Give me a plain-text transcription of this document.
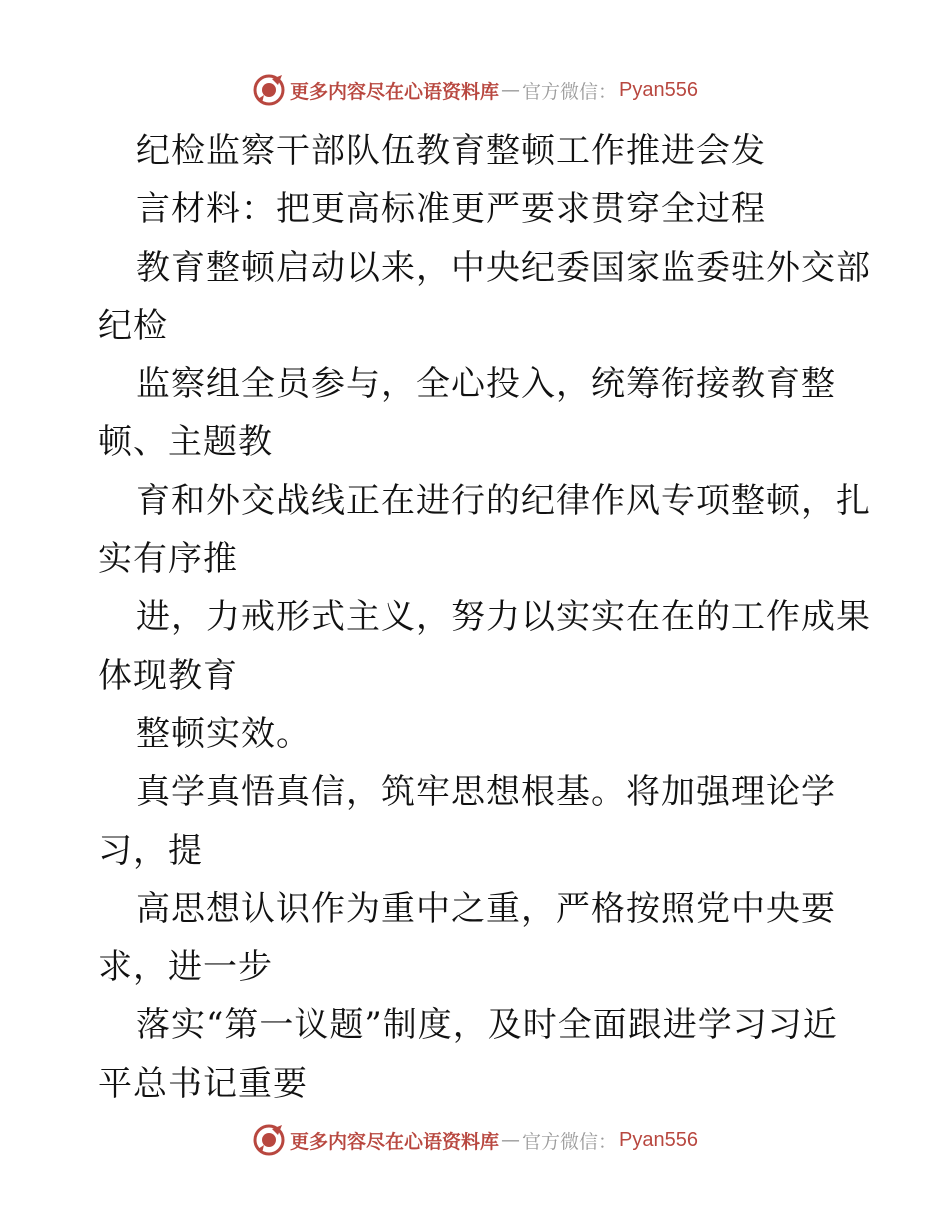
更多内容尽在心语资料库 — 官方微信： Pyan556
纪检监察干部队伍教育整顿工作推进会发
言材料：把更高标准更严要求贯穿全过程
教育整顿启动以来，中央纪委国家监委驻外交部
纪检
监察组全员参与，全心投入，统筹衔接教育整
顿、主题教
育和外交战线正在进行的纪律作风专项整顿，扎
实有序推
进，力戒形式主义，努力以实实在在的工作成果
体现教育
整顿实效。
真学真悟真信，筑牢思想根基。将加强理论学
习，提
高思想认识作为重中之重，严格按照党中央要
求，进一步
落实“第一议题”制度，及时全面跟进学习习近
平总书记重要
更多内容尽在心语资料库 — 官方微信： Pyan556
